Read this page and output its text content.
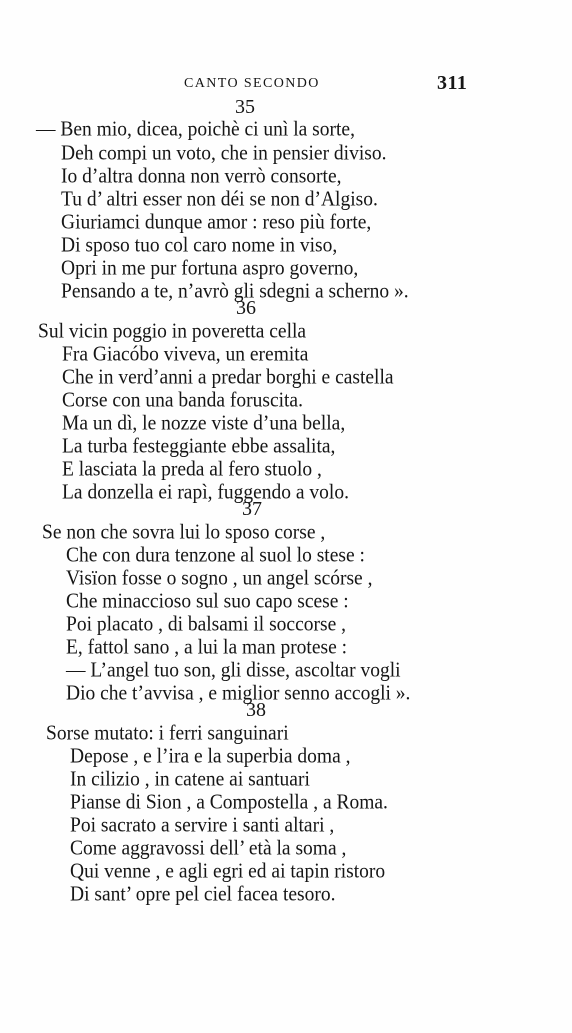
CANTO SECONDO	311
35
— Ben mio, dicea, poichè ci unì la sorte,
Deh compi un voto, che in pensier diviso.
Io d’altra donna non verrò consorte,
Tu d’ altri esser non déi se non d’Algiso.
Giuriamci dunque amor : reso più forte,
Di sposo tuo col caro nome in viso,
Opri in me pur fortuna aspro governo,
Pensando a te, n’avrò gli sdegni a scherno ».
36
Sul vicin poggio in poveretta cella
Fra Giacóbo viveva, un eremita
Che in verd’anni a predar borghi e castella
Corse con una banda foruscita.
Ma un dì, le nozze viste d’una bella,
La turba festeggiante ebbe assalita,
E lasciata la preda al fero stuolo ,
La donzella ei rapì, fuggendo a volo.
37
Se non che sovra lui lo sposo corse ,
Che con dura tenzone al suol lo stese :
Visïon fosse o sogno , un angel scórse ,
Che minaccioso sul suo capo scese :
Poi placato , di balsami il soccorse ,
E, fattol sano , a lui la man protese :
— L’angel tuo son, gli disse, ascoltar vogli
Dio che t’avvisa , e miglior senno accogli ».
38
Sorse mutato: i ferri sanguinari
Depose , e l’ira e la superbia doma ,
In cilizio , in catene ai santuari
Pianse di Sion , a Compostella , a Roma.
Poi sacrato a servire i santi altari ,
Come aggravossi dell’ età la soma ,
Qui venne , e agli egri ed ai tapin ristoro
Di sant’ opre pel ciel facea tesoro.
